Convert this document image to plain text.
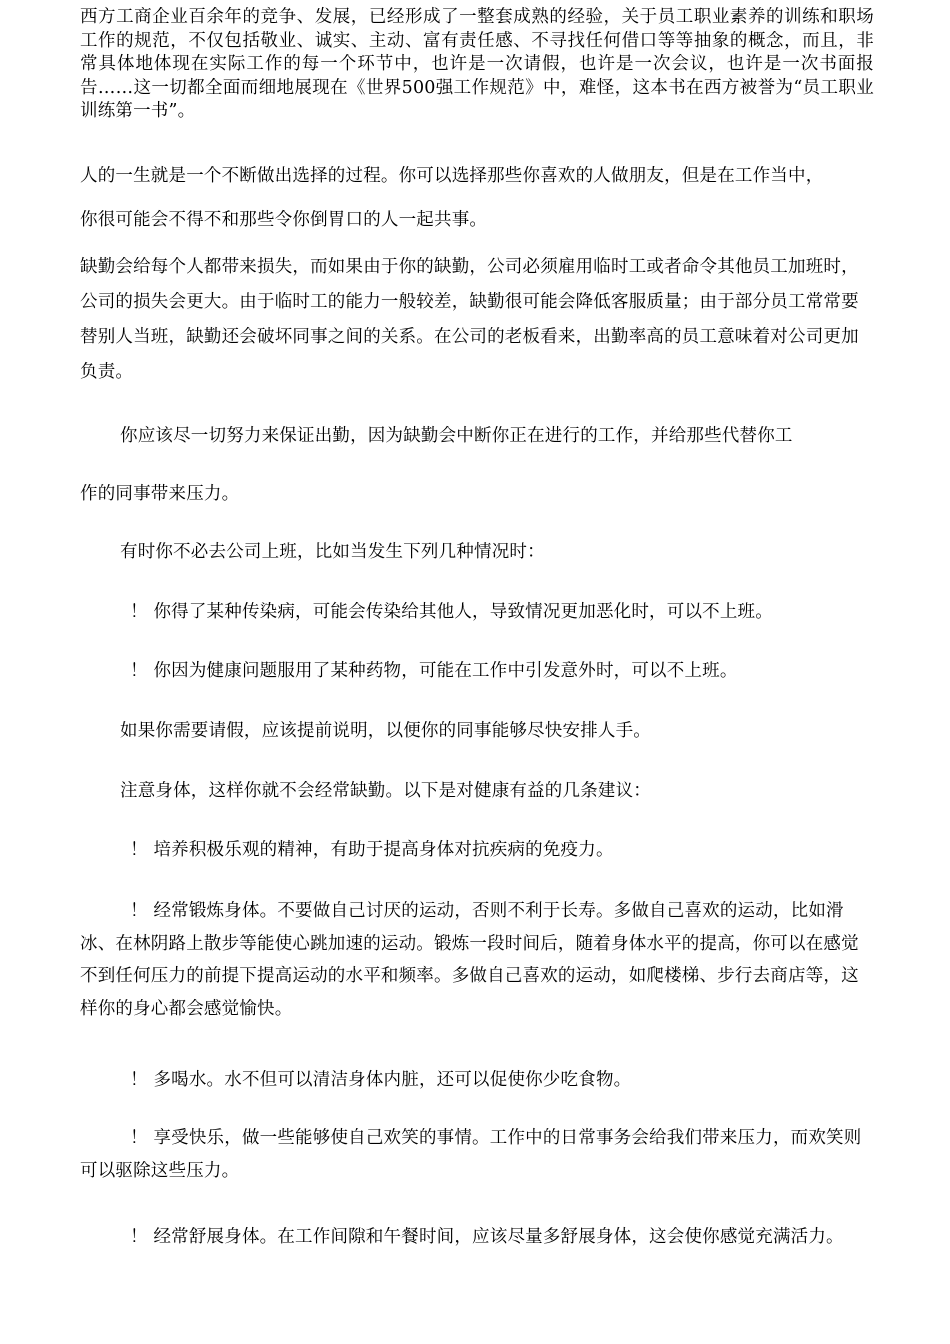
西方工商企业百余年的竞争、发展，已经形成了一整套成熟的经验，关于员工职业素养的训练和职场工作的规范，不仅包括敬业、诚实、主动、富有责任感、不寻找任何借口等等抽象的概念，而且，非常具体地体现在实际工作的每一个环节中，也许是一次请假，也许是一次会议，也许是一次书面报告……这一切都全面而细地展现在《世界500强工作规范》中，难怪，这本书在西方被誉为“员工职业训练第一书”。

人的一生就是一个不断做出选择的过程。你可以选择那些你喜欢的人做朋友，但是在工作当中，

你很可能会不得不和那些令你倒胃口的人一起共事。

缺勤会给每个人都带来损失，而如果由于你的缺勤，公司必须雇用临时工或者命令其他员工加班时，公司的损失会更大。由于临时工的能力一般较差，缺勤很可能会降低客服质量；由于部分员工常常要替别人当班，缺勤还会破坏同事之间的关系。在公司的老板看来，出勤率高的员工意味着对公司更加负责。

你应该尽一切努力来保证出勤，因为缺勤会中断你正在进行的工作，并给那些代替你工

作的同事带来压力。

有时你不必去公司上班，比如当发生下列几种情况时：

！ 你得了某种传染病，可能会传染给其他人，导致情况更加恶化时，可以不上班。

！ 你因为健康问题服用了某种药物，可能在工作中引发意外时，可以不上班。

如果你需要请假，应该提前说明，以便你的同事能够尽快安排人手。

注意身体，这样你就不会经常缺勤。以下是对健康有益的几条建议：

！ 培养积极乐观的精神，有助于提高身体对抗疾病的免疫力。

！ 经常锻炼身体。不要做自己讨厌的运动，否则不利于长寿。多做自己喜欢的运动，比如滑冰、在林阴路上散步等能使心跳加速的运动。锻炼一段时间后，随着身体水平的提高，你可以在感觉不到任何压力的前提下提高运动的水平和频率。多做自己喜欢的运动，如爬楼梯、步行去商店等，这样你的身心都会感觉愉快。

！ 多喝水。水不但可以清洁身体内脏，还可以促使你少吃食物。

！ 享受快乐，做一些能够使自己欢笑的事情。工作中的日常事务会给我们带来压力，而欢笑则可以驱除这些压力。

！ 经常舒展身体。在工作间隙和午餐时间，应该尽量多舒展身体，这会使你感觉充满活力。
